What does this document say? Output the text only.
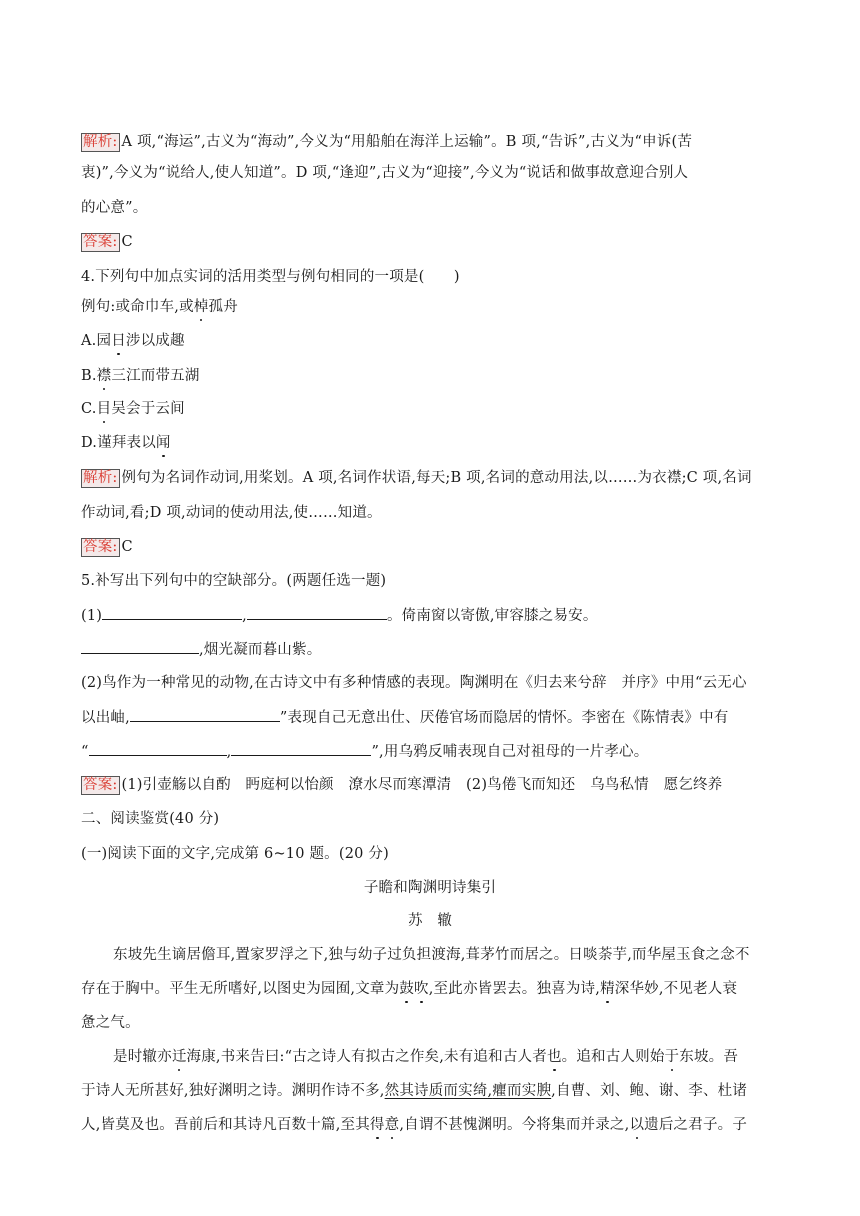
解析: A 项,“海运”,古义为“海动”,今义为“用船舶在海洋上运输”。B 项,“告诉”,古义为“申诉(苦
衷)”,今义为“说给人,使人知道”。D 项,“逢迎”,古义为“迎接”,今义为“说话和做事故意迎合别人
的心意”。
答案: C
4.下列句中加点实词的活用类型与例句相同的一项是(　　)
例句:或命巾车,或棹孤舟
A.园日涉以成趣
B.襟三江而带五湖
C.目吴会于云间
D.谨拜表以闻
解析: 例句为名词作动词,用桨划。A 项,名词作状语,每天;B 项,名词的意动用法,以……为衣襟;C 项,名词
作动词,看;D 项,动词的使动用法,使……知道。
答案: C
5.补写出下列句中的空缺部分。(两题任选一题)
(1)	,	。倚南窗以寄傲,审容膝之易安。
,烟光凝而暮山紫。
(2)鸟作为一种常见的动物,在古诗文中有多种情感的表现。陶渊明在《归去来兮辞　并序》中用“云无心
以出岫,	”表现自己无意出仕、厌倦官场而隐居的情怀。李密在《陈情表》中有
“	,	”,用乌鸦反哺表现自己对祖母的一片孝心。
答案: (1)引壶觞以自酌　眄庭柯以怡颜　潦水尽而寒潭清　(2)鸟倦飞而知还　乌鸟私情　愿乞终养
二、阅读鉴赏(40 分)
(一)阅读下面的文字,完成第 6~10 题。(20 分)
子瞻和陶渊明诗集引
苏　辙
东坡先生谪居儋耳,置家罗浮之下,独与幼子过负担渡海,葺茅竹而居之。日啖荼芋,而华屋玉食之念不
存在于胸中。平生无所嗜好,以图史为园囿,文章为鼓吹,至此亦皆罢去。独喜为诗,精深华妙,不见老人衰
惫之气。
是时辙亦迁海康,书来告曰:“古之诗人有拟古之作矣,未有追和古人者也。追和古人则始于东坡。吾
于诗人无所甚好,独好渊明之诗。渊明作诗不多,然其诗质而实绮,癯而实腴,自曹、刘、鲍、谢、李、杜诸
人,皆莫及也。吾前后和其诗凡百数十篇,至其得意,自谓不甚愧渊明。今将集而并录之,以遗后之君子。子
